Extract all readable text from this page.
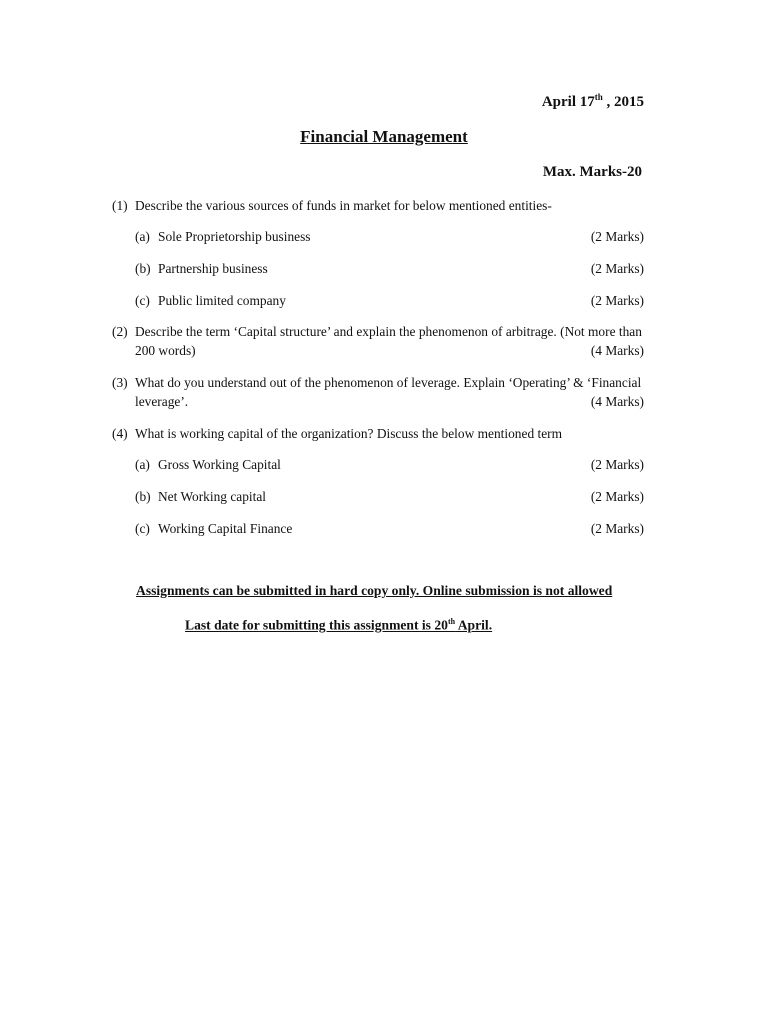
April 17th , 2015
Financial Management
Max. Marks-20
(1) Describe the various sources of funds in market for below mentioned entities-
(a) Sole Proprietorship business	(2 Marks)
(b) Partnership business	(2 Marks)
(c) Public limited company	(2 Marks)
(2) Describe the term ‘Capital structure’ and explain the phenomenon of arbitrage. (Not more than
200 words)	(4 Marks)
(3) What do you understand out of the phenomenon of leverage. Explain ‘Operating’ & ‘Financial
leverage’.	(4 Marks)
(4) What is working capital of the organization? Discuss the below mentioned term
(a) Gross Working Capital	(2 Marks)
(b) Net Working capital	(2 Marks)
(c) Working Capital Finance	(2 Marks)
Assignments can be submitted in hard copy only. Online submission is not allowed
Last date for submitting this assignment is 20th April.
